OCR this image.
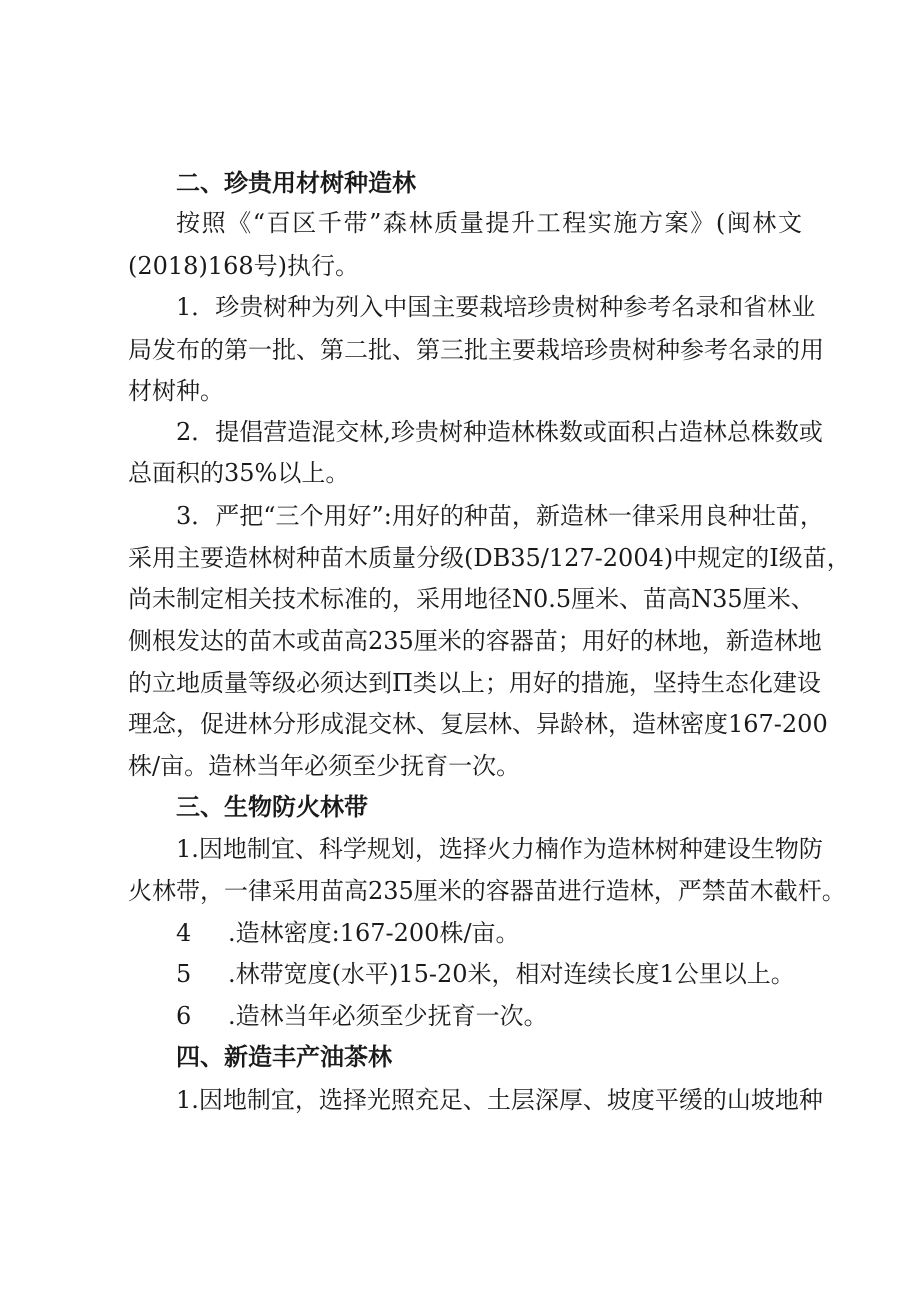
二、珍贵用材树种造林
按照《“百区千带”森林质量提升工程实施方案》(闽林文
(2018)168号)执行。
1．珍贵树种为列入中国主要栽培珍贵树种参考名录和省林业
局发布的第一批、第二批、第三批主要栽培珍贵树种参考名录的用
材树种。
2．提倡营造混交林,珍贵树种造林株数或面积占造林总株数或
总面积的35%以上。
3．严把“三个用好”:用好的种苗，新造林一律采用良种壮苗，
采用主要造林树种苗木质量分级(DB35/127-2004)中规定的Ⅰ级苗，
尚未制定相关技术标准的，采用地径N0.5厘米、苗高N35厘米、
侧根发达的苗木或苗高235厘米的容器苗；用好的林地，新造林地
的立地质量等级必须达到Π类以上；用好的措施，坚持生态化建设
理念，促进林分形成混交林、复层林、异龄林，造林密度167-200
株/亩。造林当年必须至少抚育一次。
三、生物防火林带
1.因地制宜、科学规划，选择火力楠作为造林树种建设生物防
火林带，一律采用苗高235厘米的容器苗进行造林，严禁苗木截杆。
4 .造林密度:167-200株/亩。
5 .林带宽度(水平)15-20米，相对连续长度1公里以上。
6 .造林当年必须至少抚育一次。
四、新造丰产油茶林
1.因地制宜，选择光照充足、土层深厚、坡度平缓的山坡地种
